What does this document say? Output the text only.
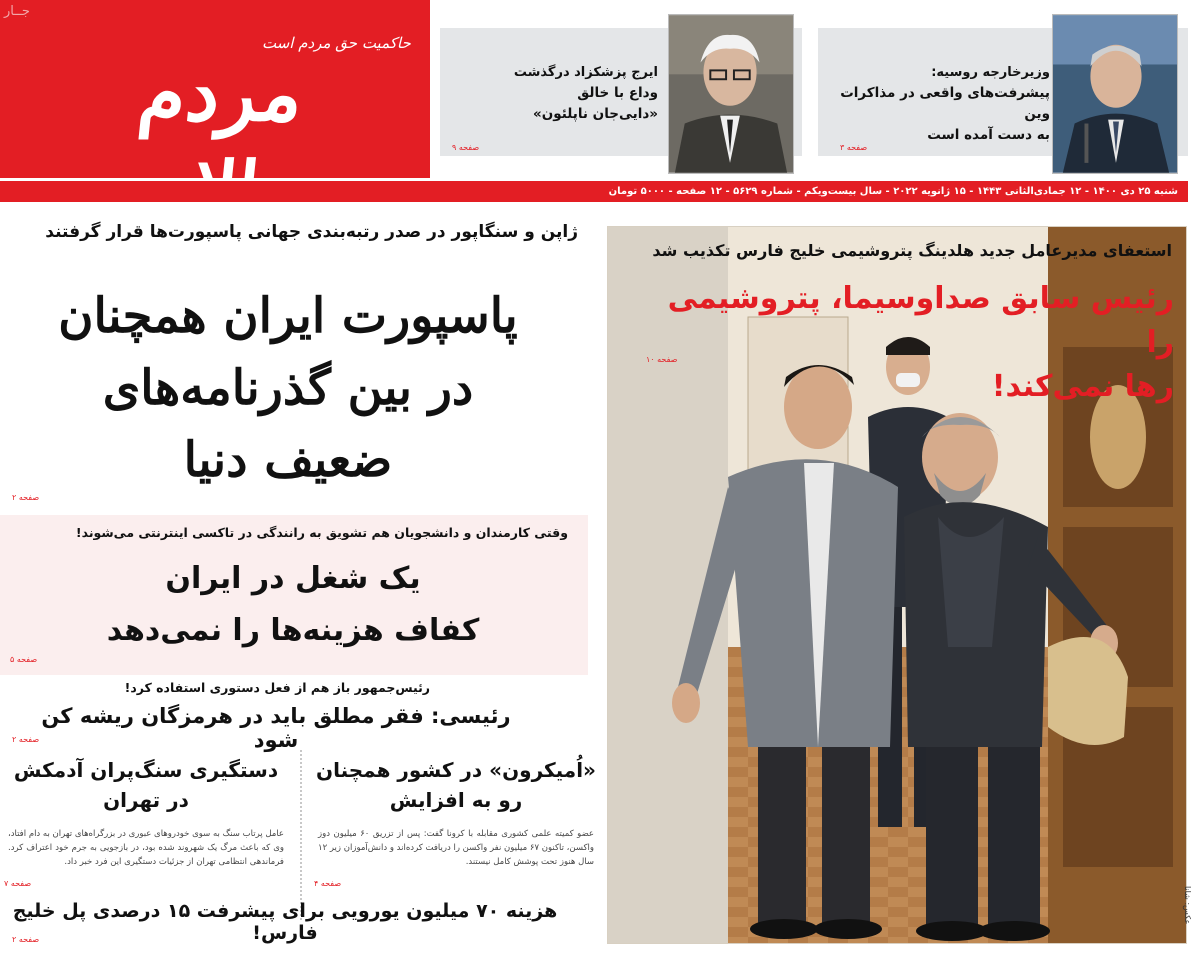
جــار
حاکمیت حق مردم است
مردم	وزیرخارجه روسیه:
پیشرفت‌های واقعی در مذاکرات وین
به دست آمده است
صفحه ۳
ایرج پزشکزاد درگذشت
وداع با خالق
«دایی‌جان ناپلئون»
صفحه ۹
شنبه ۲۵ دی ۱۴۰۰ - ۱۲ جمادی‌الثانی ۱۴۴۳ - ۱۵ ژانویه ۲۰۲۲ - سال بیست‌ویکم - شماره ۵۶۲۹ - ۱۲ صفحه - ۵۰۰۰ تومان
ژاپن و سنگاپور در صدر رتبه‌بندی جهانی پاسپورت‌ها قرار گرفتند
پاسپورت ایران همچنان
در بین گذرنامه‌های
ضعیف دنیا
صفحه ۲
وقتی کارمندان و دانشجویان هم تشویق به رانندگی در تاکسی اینترنتی می‌شوند!
یک شغل در ایران
کفاف هزینه‌ها را نمی‌دهد
صفحه ۵
رئیس‌جمهور باز هم از فعل دستوری استفاده کرد!
رئیسی: فقر مطلق باید در هرمزگان ریشه کن شود
صفحه ۲
«اُمیکرون» در کشور همچنان
رو به افزایش
عضو کمیته علمی کشوری مقابله با کرونا گفت: پس از تزریق ۶۰ میلیون دوز واکسن، تاکنون ۶۷ میلیون نفر واکسن را دریافت کرده‌اند و دانش‌آموزان زیر ۱۲ سال هنوز تحت پوشش کامل نیستند.
صفحه ۴
دستگیری سنگ‌پران آدمکش
در تهران
عامل پرتاب سنگ به سوی خودروهای عبوری در بزرگراه‌های تهران به دام افتاد، وی که باعث مرگ یک شهروند شده بود، در بازجویی به جرم خود اعتراف کرد. فرماندهی انتظامی تهران از جزئیات دستگیری این فرد خبر داد.
صفحه ۷
هزینه ۷۰ میلیون یورویی برای پیشرفت ۱۵ درصدی پل خلیج فارس!
صفحه ۲
استعفای مدیرعامل جدید هلدینگ پتروشیمی خلیج فارس تکذیب شد
رئیس سابق صداوسیما، پتروشیمی را
رها نمی‌کند!
صفحه ۱۰
عکس: شانا
